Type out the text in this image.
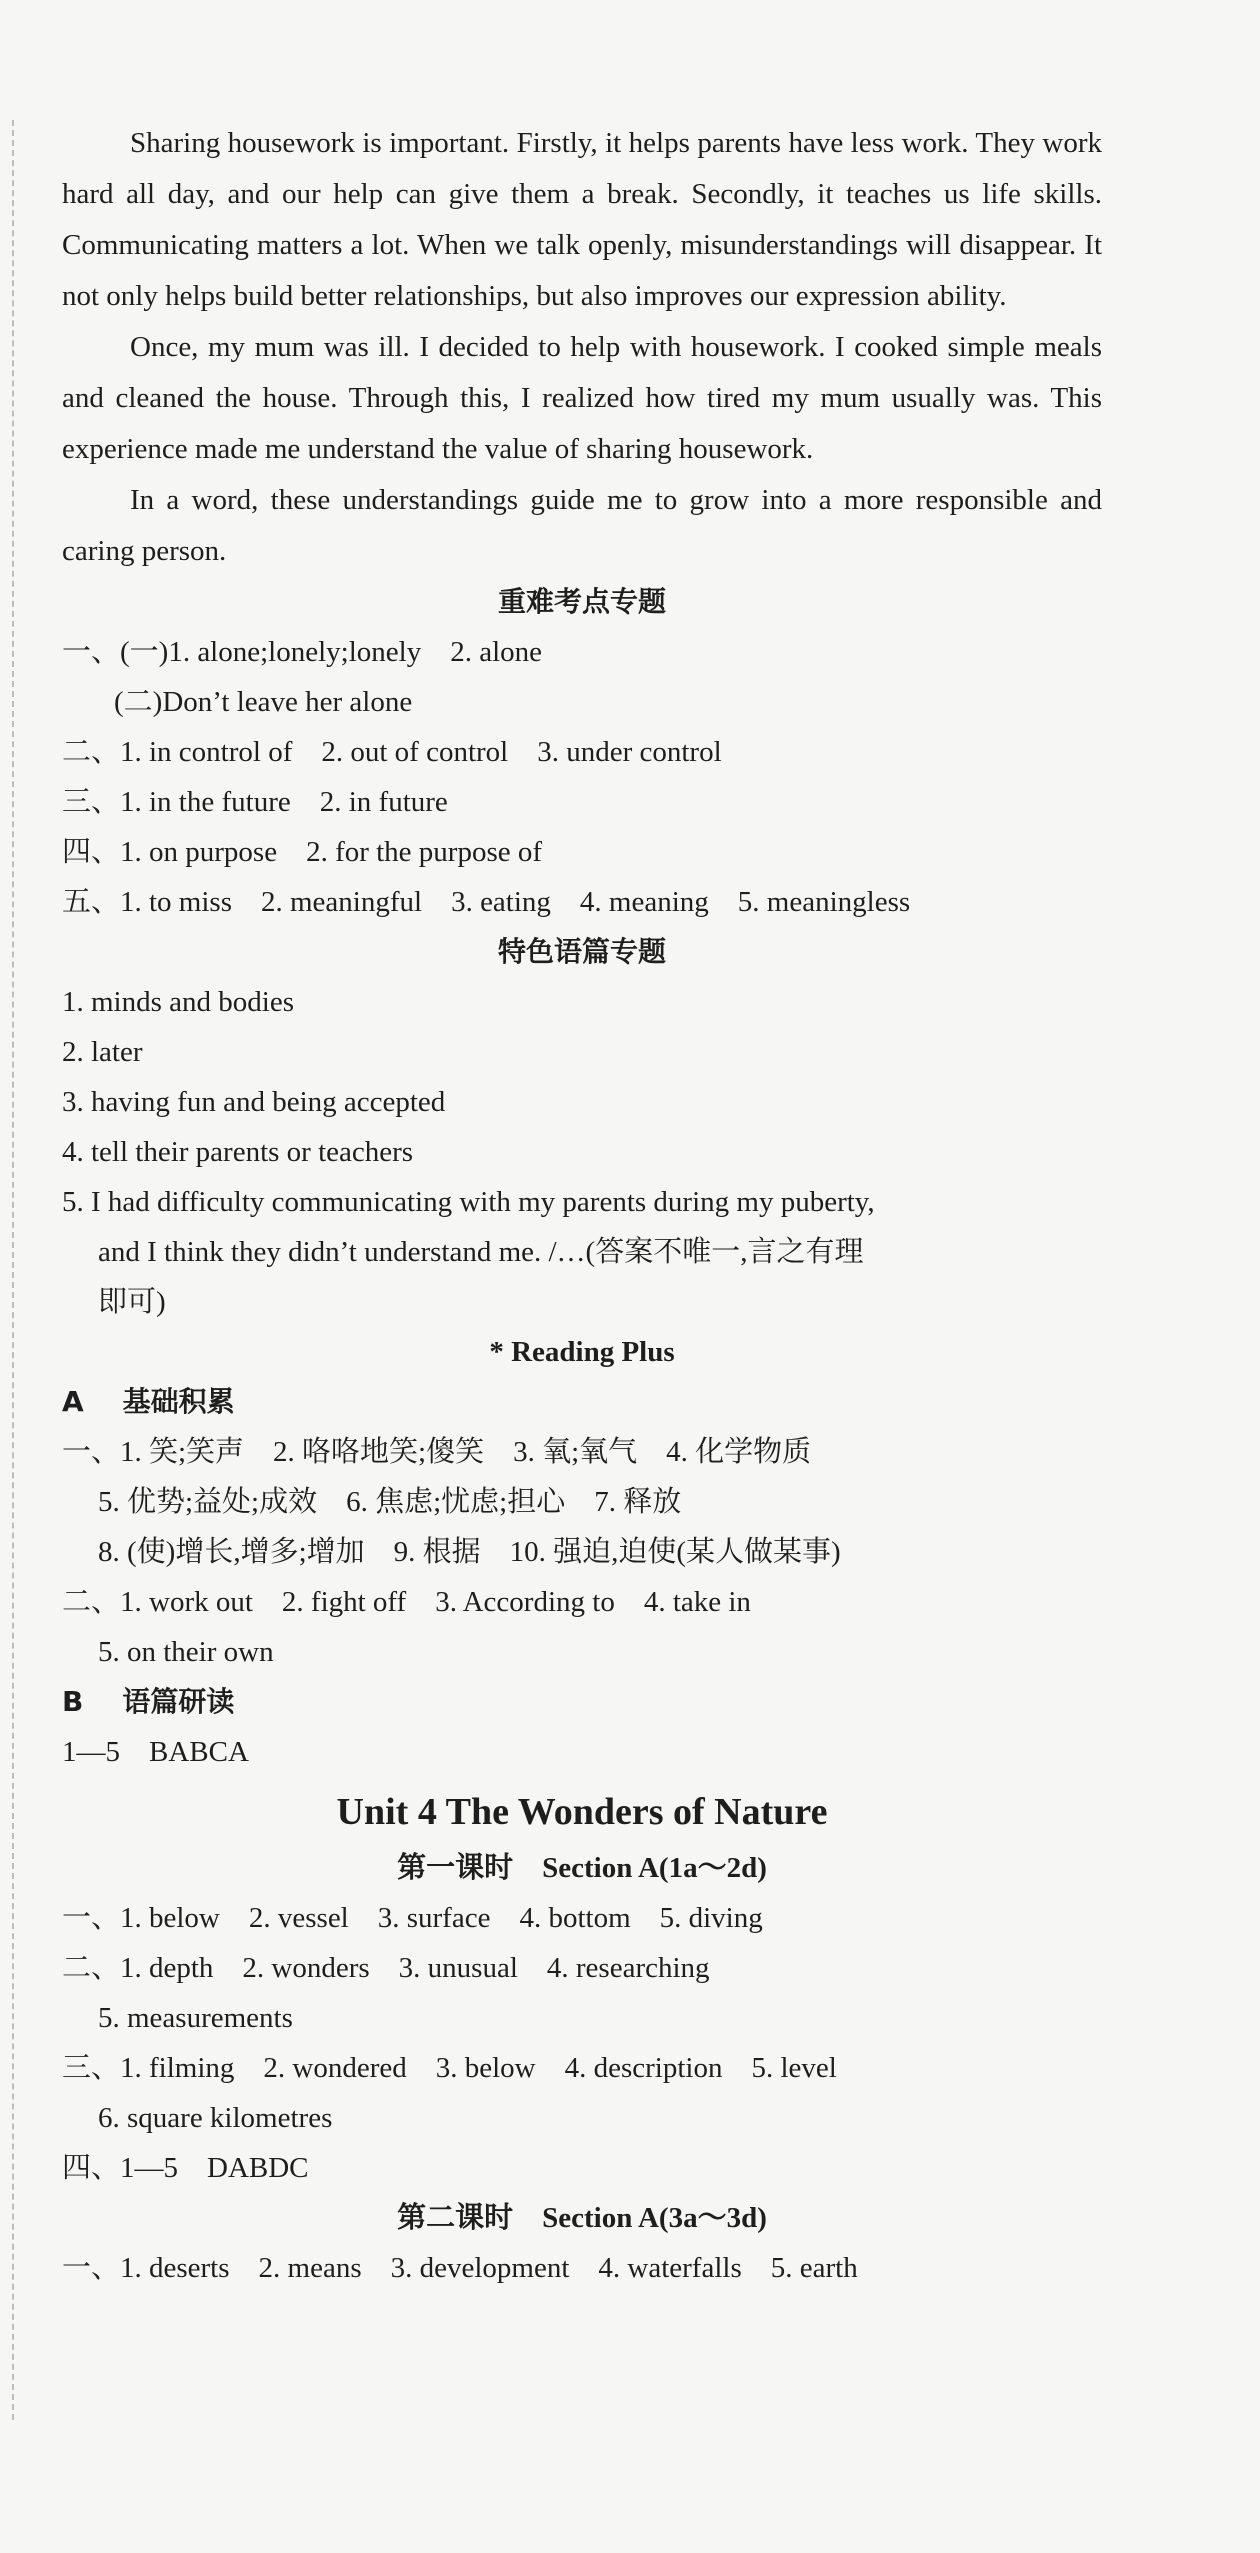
Sharing housework is important. Firstly, it helps parents have less work. They work hard all day, and our help can give them a break. Secondly, it teaches us life skills. Communicating matters a lot. When we talk openly, misunderstandings will disappear. It not only helps build better relationships, but also improves our expression ability.

Once, my mum was ill. I decided to help with housework. I cooked simple meals and cleaned the house. Through this, I realized how tired my mum usually was. This experience made me understand the value of sharing housework.

In a word, these understandings guide me to grow into a more responsible and caring person.

重难考点专题

一、(一)1. alone;lonely;lonely    2. alone

(二)Don’t leave her alone

二、1. in control of    2. out of control    3. under control

三、1. in the future    2. in future

四、1. on purpose    2. for the purpose of

五、1. to miss    2. meaningful    3. eating    4. meaning    5. meaningless

特色语篇专题

1. minds and bodies

2. later

3. having fun and being accepted

4. tell their parents or teachers

5. I had difficulty communicating with my parents during my puberty,

and I think they didn’t understand me. /…(答案不唯一,言之有理

即可)

* Reading Plus

A    基础积累

一、1. 笑;笑声    2. 咯咯地笑;傻笑    3. 氧;氧气    4. 化学物质

5. 优势;益处;成效    6. 焦虑;忧虑;担心    7. 释放

8. (使)增长,增多;增加    9. 根据    10. 强迫,迫使(某人做某事)

二、1. work out    2. fight off    3. According to    4. take in

5. on their own

B    语篇研读

1—5    BABCA

Unit 4 The Wonders of Nature

第一课时    Section A(1a～2d)

一、1. below    2. vessel    3. surface    4. bottom    5. diving

二、1. depth    2. wonders    3. unusual    4. researching

5. measurements

三、1. filming    2. wondered    3. below    4. description    5. level

6. square kilometres

四、1—5    DABDC

第二课时    Section A(3a～3d)

一、1. deserts    2. means    3. development    4. waterfalls    5. earth
